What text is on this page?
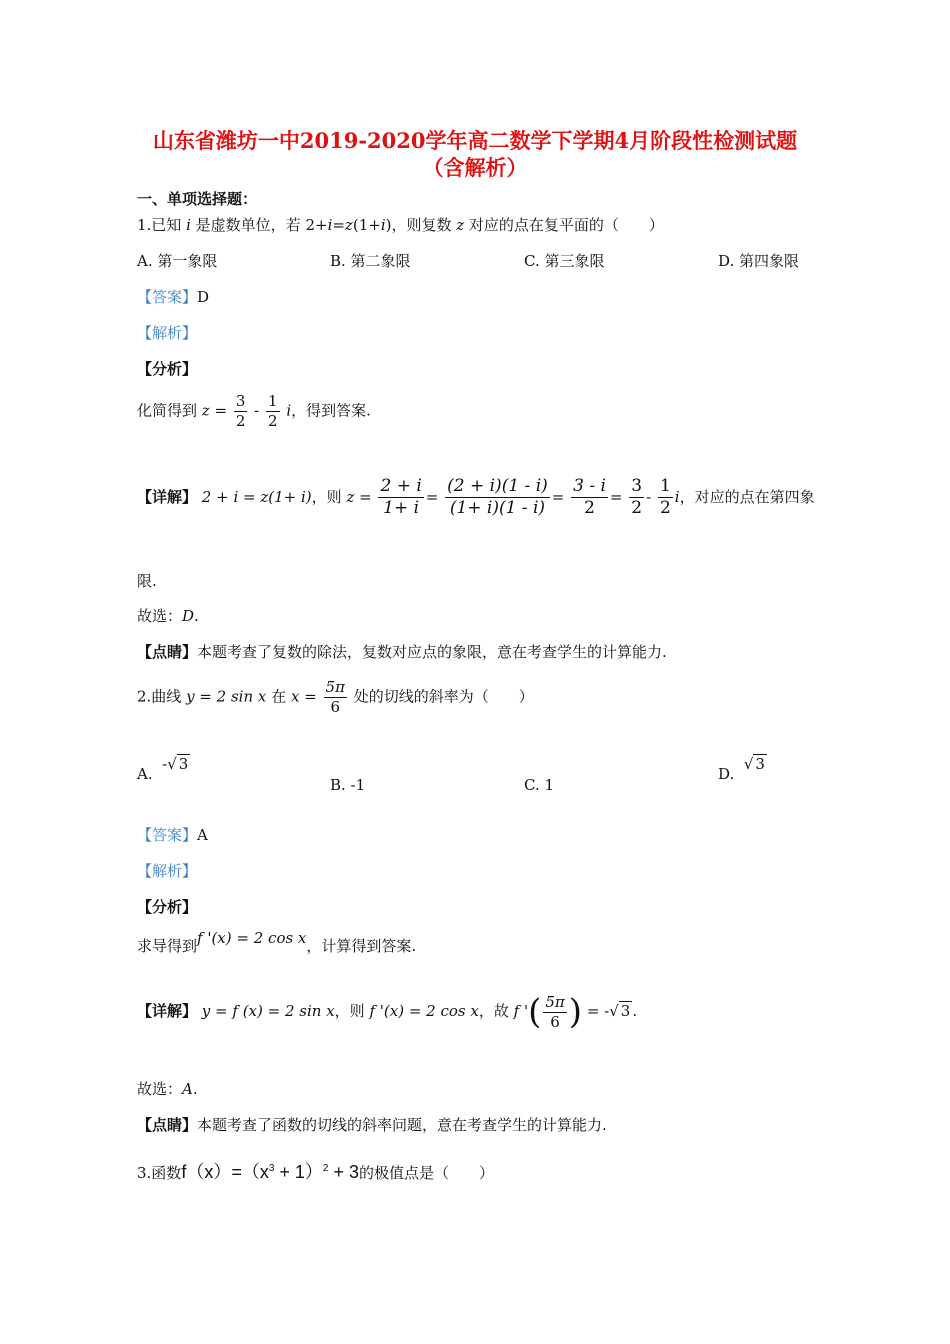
山东省潍坊一中2019-2020学年高二数学下学期4月阶段性检测试题
（含解析）
一、单项选择题：
1.已知 i 是虚数单位，若 2+i=z(1+i)，则复数 z 对应的点在复平面的（　　）
A. 第一象限	B. 第二象限	C. 第三象限	D. 第四象限
【答案】D
【解析】
【分析】
化简得到 $z = \frac{3}{2} - \frac{1}{2}$ i，得到答案.
【详解】 2 + i = z(1+ i)，则 $z = \frac{2 + i}{1+ i} = \frac{(2 + i)(1 - i)}{(1+ i)(1 - i)} = \frac{3 - i}{2} = \frac{3}{2} - \frac{1}{2}$ i，对应的点在第四象
限.
故选：D.
【点睛】本题考查了复数的除法，复数对应点的象限，意在考查学生的计算能力.
2.曲线 y = 2 sin x 在 $x = \frac{5\pi}{6}$ 处的切线的斜率为（　　）
A.  -√ 3
B. -1	C. 1
D.  √ 3
【答案】A
【解析】
【分析】
求导得到f '(x) = 2 cos x，计算得到答案.
【详解】 y = f (x) = 2 sin x，则 f '(x) = 2 cos x，故 f '( $\frac{5\pi}{6}$ ) = -√ 3 .
故选：A.
【点睛】本题考查了函数的切线的斜率问题，意在考查学生的计算能力.
3.函数$f(x)=(x^3 + 1)^2 + 3$的极值点是（　　）
